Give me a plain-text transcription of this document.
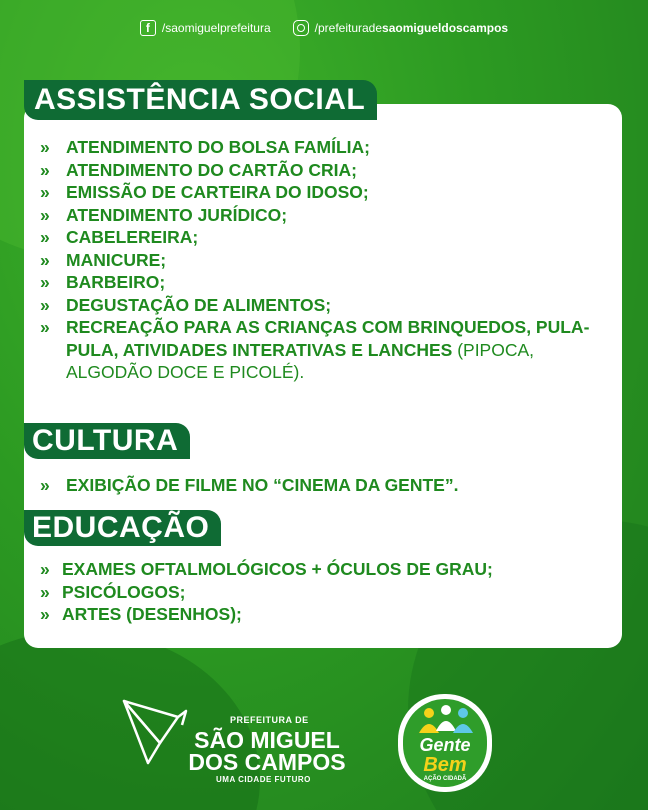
f	/saomiguelprefeitura	/prefeituradesaomigueldoscampos
ASSISTÊNCIA SOCIAL
»	ATENDIMENTO DO BOLSA FAMÍLIA;
»	ATENDIMENTO DO CARTÃO CRIA;
»	EMISSÃO DE CARTEIRA DO IDOSO;
»	ATENDIMENTO JURÍDICO;
»	CABELEREIRA;
»	MANICURE;
»	BARBEIRO;
»	DEGUSTAÇÃO DE ALIMENTOS;
»	RECREAÇÃO PARA AS CRIANÇAS COM BRINQUEDOS, PULA-PULA, ATIVIDADES INTERATIVAS E LANCHES (PIPOCA, ALGODÃO DOCE E PICOLÉ).
CULTURA
»	EXIBIÇÃO DE FILME NO “CINEMA DA GENTE”.
EDUCAÇÃO
» EXAMES OFTALMOLÓGICOS + ÓCULOS DE GRAU;
» PSICÓLOGOS;
» ARTES (DESENHOS);
PREFEITURA DE
SÃO MIGUEL
DOS CAMPOS
UMA CIDADE FUTURO
Gente
Bem
AÇÃO CIDADÃ
